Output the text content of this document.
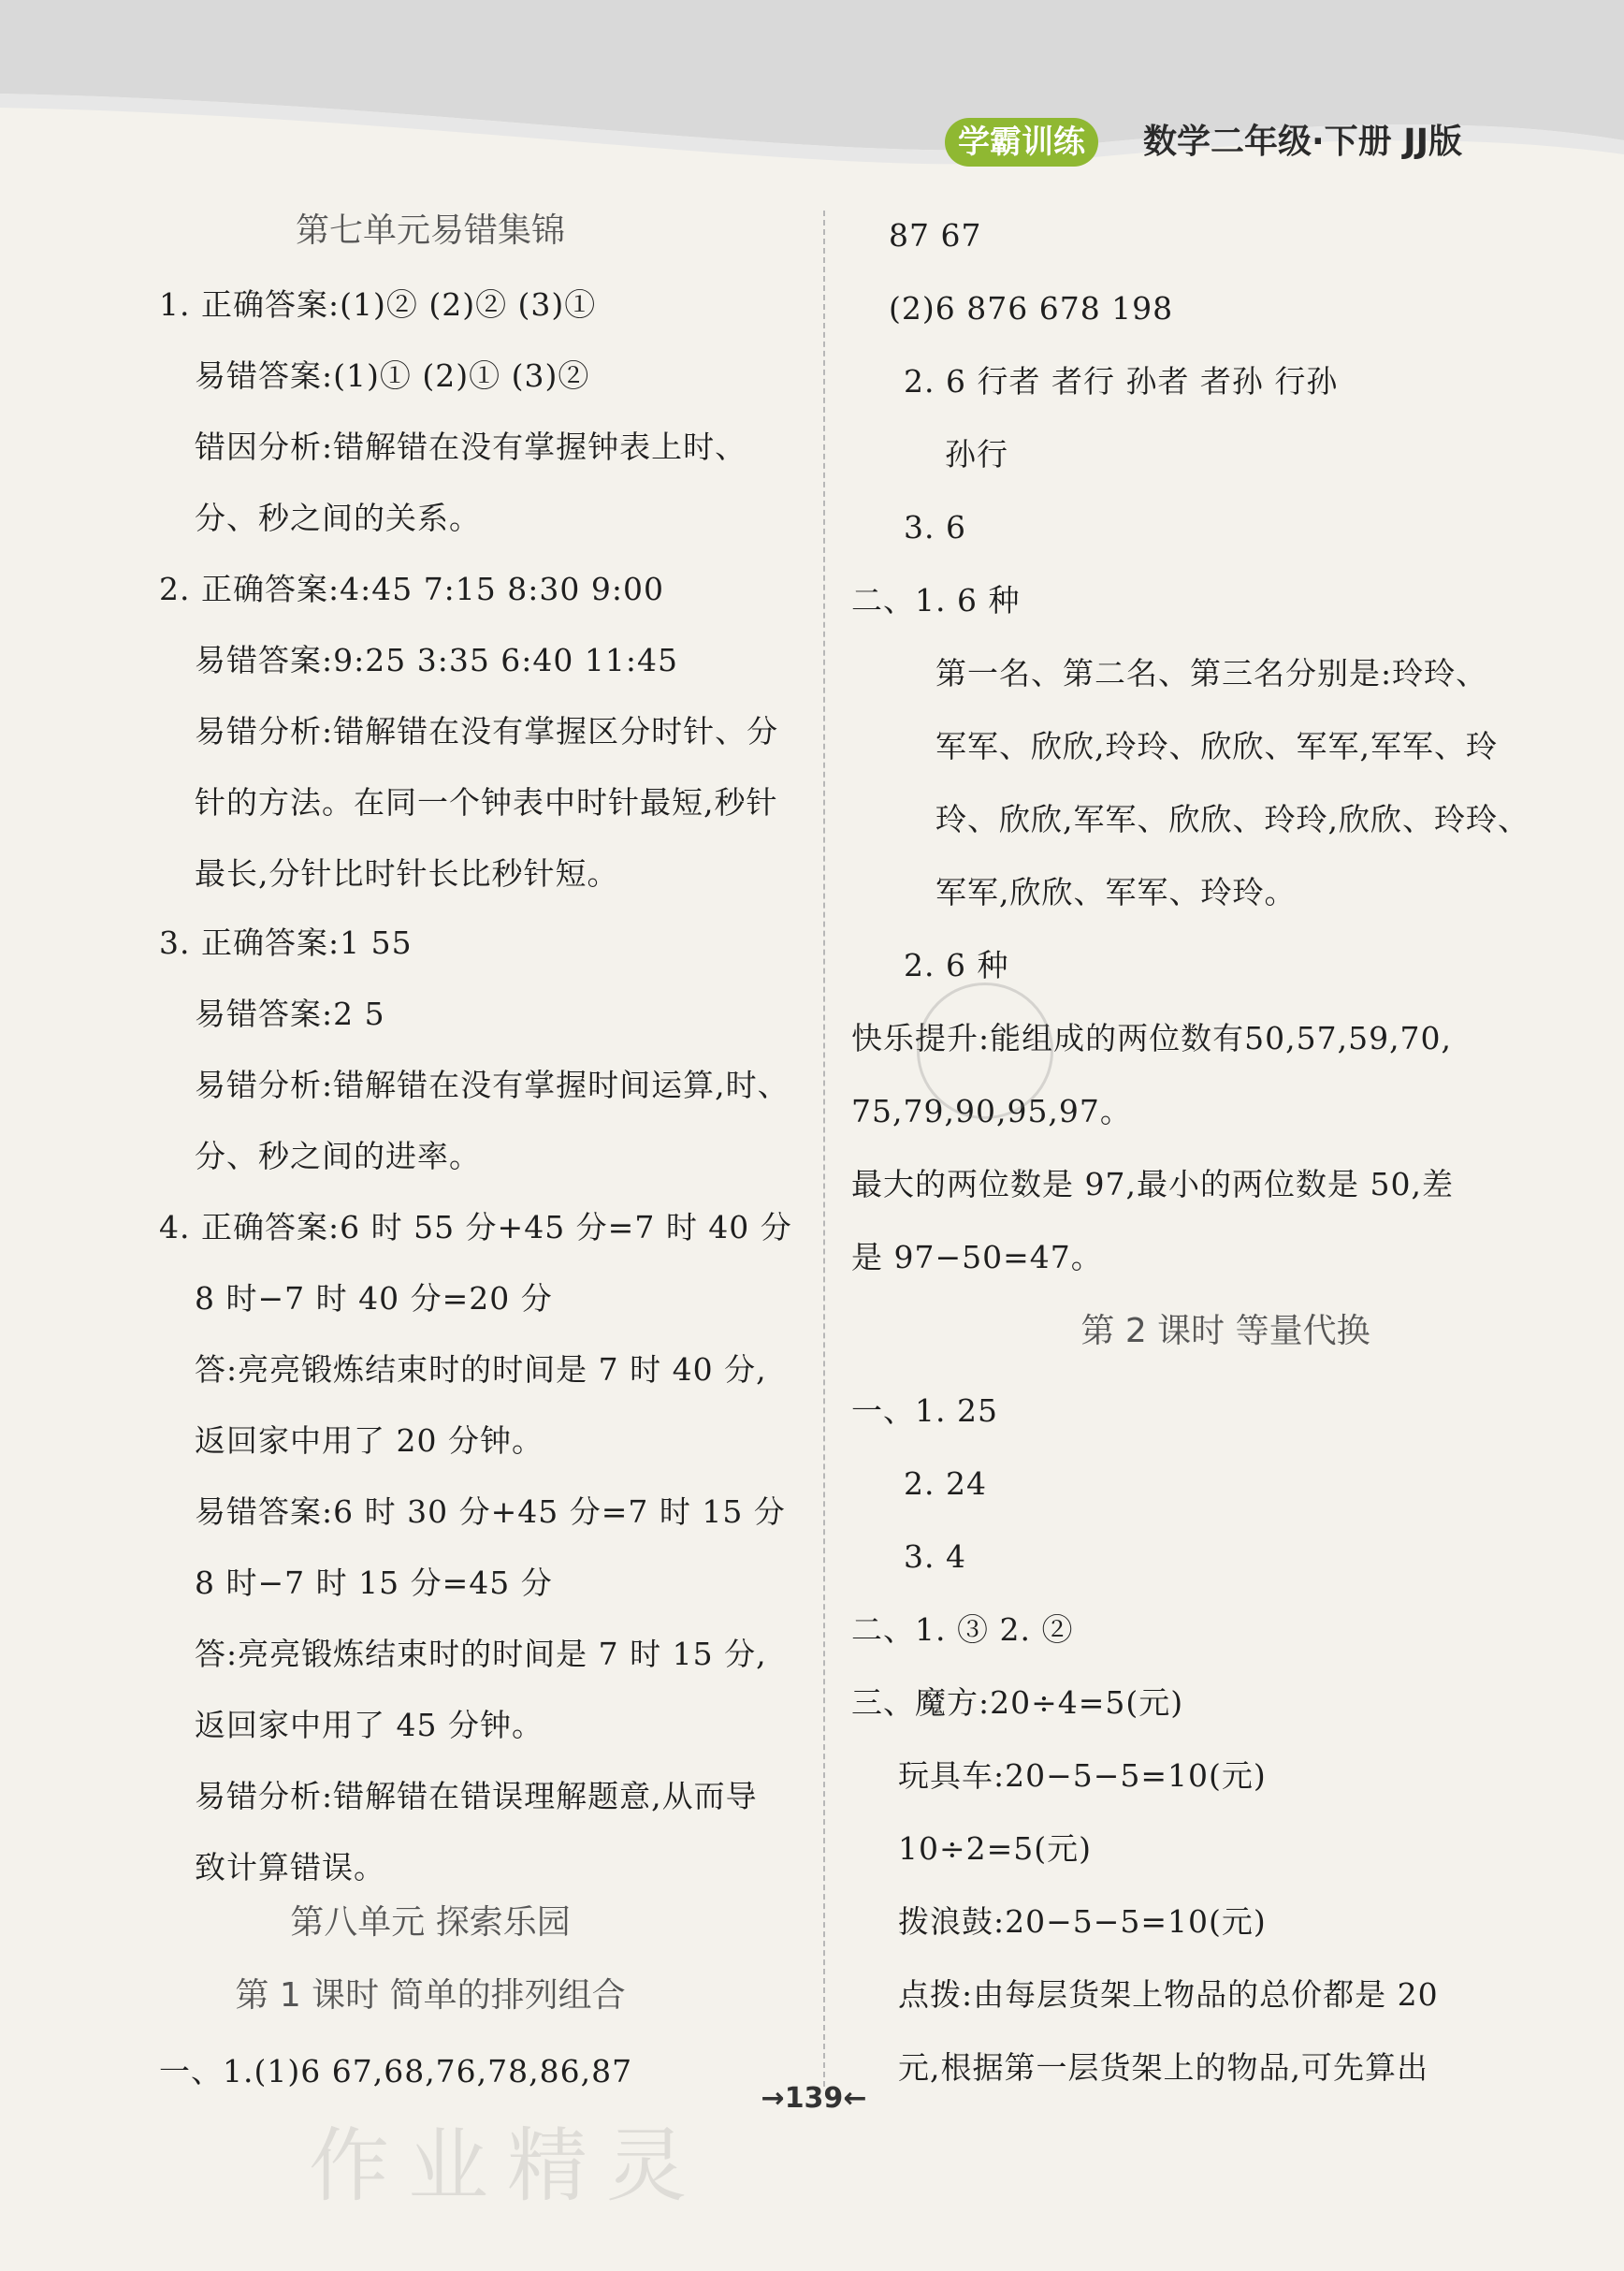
学霸训练	数学二年级·下册 JJ版
第七单元易错集锦
1. 正确答案:(1)② (2)② (3)①
易错答案:(1)① (2)① (3)②
错因分析:错解错在没有掌握钟表上时、
分、秒之间的关系。
2. 正确答案:4:45 7:15 8:30 9:00
易错答案:9:25 3:35 6:40 11:45
易错分析:错解错在没有掌握区分时针、分
针的方法。在同一个钟表中时针最短,秒针
最长,分针比时针长比秒针短。
3. 正确答案:1 55
易错答案:2 5
易错分析:错解错在没有掌握时间运算,时、
分、秒之间的进率。
4. 正确答案:6 时 55 分+45 分=7 时 40 分
8 时−7 时 40 分=20 分
答:亮亮锻炼结束时的时间是 7 时 40 分,
返回家中用了 20 分钟。
易错答案:6 时 30 分+45 分=7 时 15 分
8 时−7 时 15 分=45 分
答:亮亮锻炼结束时的时间是 7 时 15 分,
返回家中用了 45 分钟。
易错分析:错解错在错误理解题意,从而导
致计算错误。
第八单元 探索乐园
第 1 课时 简单的排列组合
一、1.(1)6 67,68,76,78,86,87
87 67
(2)6 876 678 198
2. 6 行者 者行 孙者 者孙 行孙
孙行
3. 6
二、1. 6 种
第一名、第二名、第三名分别是:玲玲、
军军、欣欣,玲玲、欣欣、军军,军军、玲
玲、欣欣,军军、欣欣、玲玲,欣欣、玲玲、
军军,欣欣、军军、玲玲。
2. 6 种
快乐提升:能组成的两位数有50,57,59,70,
75,79,90,95,97。
最大的两位数是 97,最小的两位数是 50,差
是 97−50=47。
第 2 课时 等量代换
一、1. 25
2. 24
3. 4
二、1. ③ 2. ②
三、魔方:20÷4=5(元)
玩具车:20−5−5=10(元)
10÷2=5(元)
拨浪鼓:20−5−5=10(元)
点拨:由每层货架上物品的总价都是 20
元,根据第一层货架上的物品,可先算出
→139←
作业精灵
